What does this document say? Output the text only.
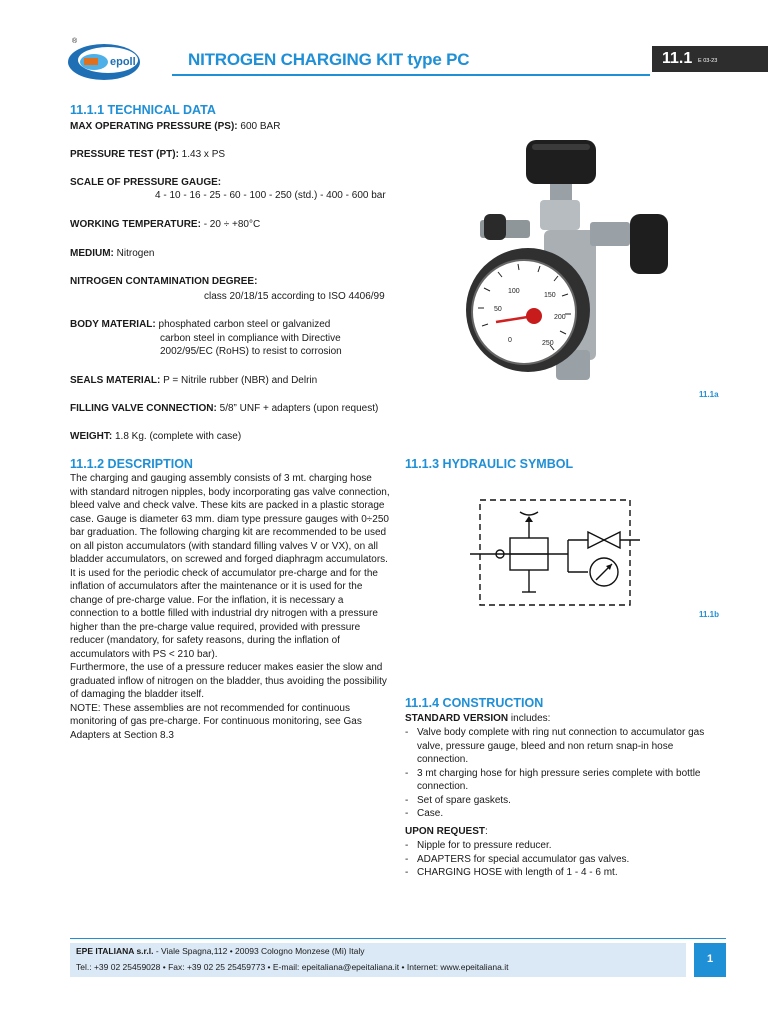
®
epoll	NITROGEN CHARGING KIT type PC	11.1 E 03-23
11.1.1 TECHNICAL DATA
MAX OPERATING PRESSURE (PS): 600 BAR
PRESSURE TEST (PT): 1.43 x PS
SCALE OF PRESSURE GAUGE:
4 - 10 - 16 - 25 - 60 - 100 - 250 (std.) - 400 - 600 bar
WORKING TEMPERATURE: - 20 ÷ +80°C
MEDIUM: Nitrogen
NITROGEN CONTAMINATION DEGREE:
class 20/18/15 according to ISO 4406/99
BODY MATERIAL: phosphated carbon steel or galvanized
carbon steel in compliance with Directive
2002/95/EC (RoHS) to resist to corrosion
SEALS MATERIAL: P = Nitrile rubber (NBR) and Delrin
FILLING VALVE CONNECTION: 5/8” UNF + adapters (upon request)
WEIGHT: 1.8 Kg. (complete with case)
0
50
100
150
200
250
11.1a
11.1.2 DESCRIPTION
The charging and gauging assembly consists of 3 mt. charging hose with standard nitrogen nipples, body incorporating gas valve connection, bleed valve and check valve. These kits are packed in a plastic storage case. Gauge is diameter 63 mm. diam type pressure gauges with 0÷250 bar graduation. The following charging kit are recommended to be used on all piston accumulators (with standard filling valves V or VX), on all bladder accumulators, on screwed and forged diaphragm accumulators. It is used for the periodic check of accumulator pre-charge and for the inflation of accumulators after the maintenance or it is used for the change of pre-charge value. For the inflation, it is necessary a connection to a bottle filled with industrial dry nitrogen with a pressure higher than the pre-charge value required, provided with pressure reducer (mandatory, for safety reasons, during the inflation of accumulators with PS < 210 bar).
Furthermore, the use of a pressure reducer makes easier the slow and graduated inflow of nitrogen on the bladder, thus avoiding the possibility of damaging the bladder itself.
NOTE: These assemblies are not recommended for continuous monitoring of gas pre-charge. For continuous monitoring, see Gas Adapters at Section 8.3
11.1.3 HYDRAULIC SYMBOL
11.1b
11.1.4 CONSTRUCTION
STANDARD VERSION includes:
- Valve body complete with ring nut connection to accumulator gas valve, pressure gauge, bleed and non return snap-in hose connection.
- 3 mt charging hose for high pressure series complete with bottle connection.
- Set of spare gaskets.
- Case.
UPON REQUEST:
- Nipple for to pressure reducer.
- ADAPTERS for special accumulator gas valves.
- CHARGING HOSE with length of 1 - 4 - 6 mt.
EPE ITALIANA s.r.l. - Viale Spagna,112 • 20093 Cologno Monzese (Mi) Italy
Tel.: +39 02 25459028 • Fax: +39 02 25 25459773 • E-mail: epeitaliana@epeitaliana.it • Internet: www.epeitaliana.it
1
